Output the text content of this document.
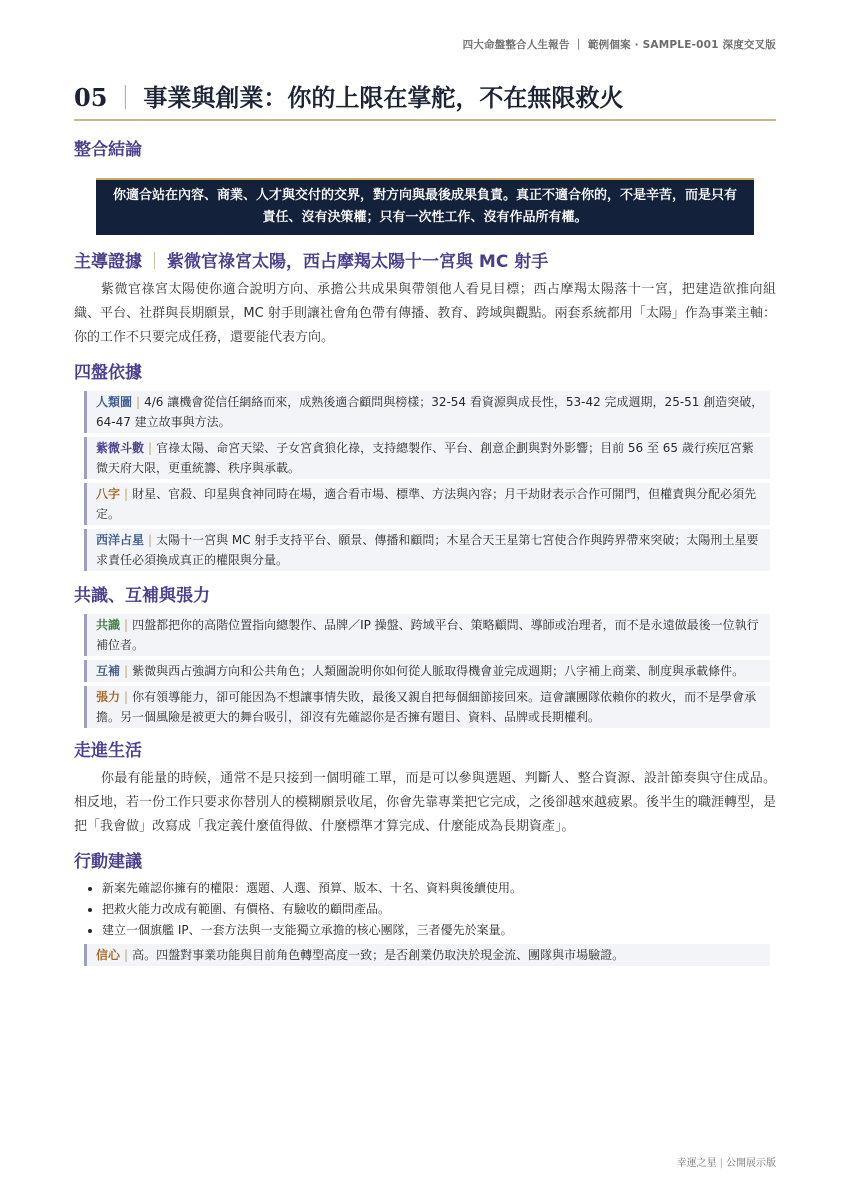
四大命盤整合人生報告 ｜ 範例個案 · SAMPLE-001 深度交叉版
05 ｜ 事業與創業：你的上限在掌舵，不在無限救火
整合結論
你適合站在內容、商業、人才與交付的交界，對方向與最後成果負責。真正不適合你的，不是辛苦，而是只有責任、沒有決策權；只有一次性工作、沒有作品所有權。
主導證據 ｜ 紫微官祿宮太陽，西占摩羯太陽十一宮與 MC 射手

紫微官祿宮太陽使你適合說明方向、承擔公共成果與帶領他人看見目標；西占摩羯太陽落十一宮，把建造欲推向組織、平台、社群與長期願景，MC 射手則讓社會角色帶有傳播、教育、跨域與觀點。兩套系統都用「太陽」作為事業主軸：你的工作不只要完成任務，還要能代表方向。

四盤依據
人類圖 | 4/6 讓機會從信任網絡而來，成熟後適合顧問與榜樣；32-54 看資源與成長性，53-42 完成週期，25-51 創造突破，64-47 建立故事與方法。
紫微斗數 | 官祿太陽、命宮天梁、子女宮貪狼化祿，支持總製作、平台、創意企劃與對外影響；目前 56 至 65 歲行疾厄宮紫微天府大限，更重統籌、秩序與承載。
八字 | 財星、官殺、印星與食神同時在場，適合看市場、標準、方法與內容；月干劫財表示合作可開門，但權責與分配必須先定。
西洋占星 | 太陽十一宮與 MC 射手支持平台、願景、傳播和顧問；木星合天王星第七宮使合作與跨界帶來突破；太陽刑土星要求責任必須換成真正的權限與分量。
共識、互補與張力
共識 | 四盤都把你的高階位置指向總製作、品牌／IP 操盤、跨域平台、策略顧問、導師或治理者，而不是永遠做最後一位執行補位者。
互補 | 紫微與西占強調方向和公共角色；人類圖說明你如何從人脈取得機會並完成週期；八字補上商業、制度與承載條件。
張力 | 你有領導能力，卻可能因為不想讓事情失敗，最後又親自把每個細節接回來。這會讓團隊依賴你的救火，而不是學會承擔。另一個風險是被更大的舞台吸引，卻沒有先確認你是否擁有題目、資料、品牌或長期權利。
走進生活

你最有能量的時候，通常不是只接到一個明確工單，而是可以參與選題、判斷人、整合資源、設計節奏與守住成品。相反地，若一份工作只要求你替別人的模糊願景收尾，你會先靠專業把它完成，之後卻越來越疲累。後半生的職涯轉型，是把「我會做」改寫成「我定義什麼值得做、什麼標準才算完成、什麼能成為長期資產」。

行動建議
• 新案先確認你擁有的權限：選題、人選、預算、版本、十名、資料與後續使用。
• 把救火能力改成有範圍、有價格、有驗收的顧問產品。
• 建立一個旗艦 IP、一套方法與一支能獨立承擔的核心團隊，三者優先於案量。
信心 | 高。四盤對事業功能與目前角色轉型高度一致；是否創業仍取決於現金流、團隊與市場驗證。
幸運之星 | 公開展示版
